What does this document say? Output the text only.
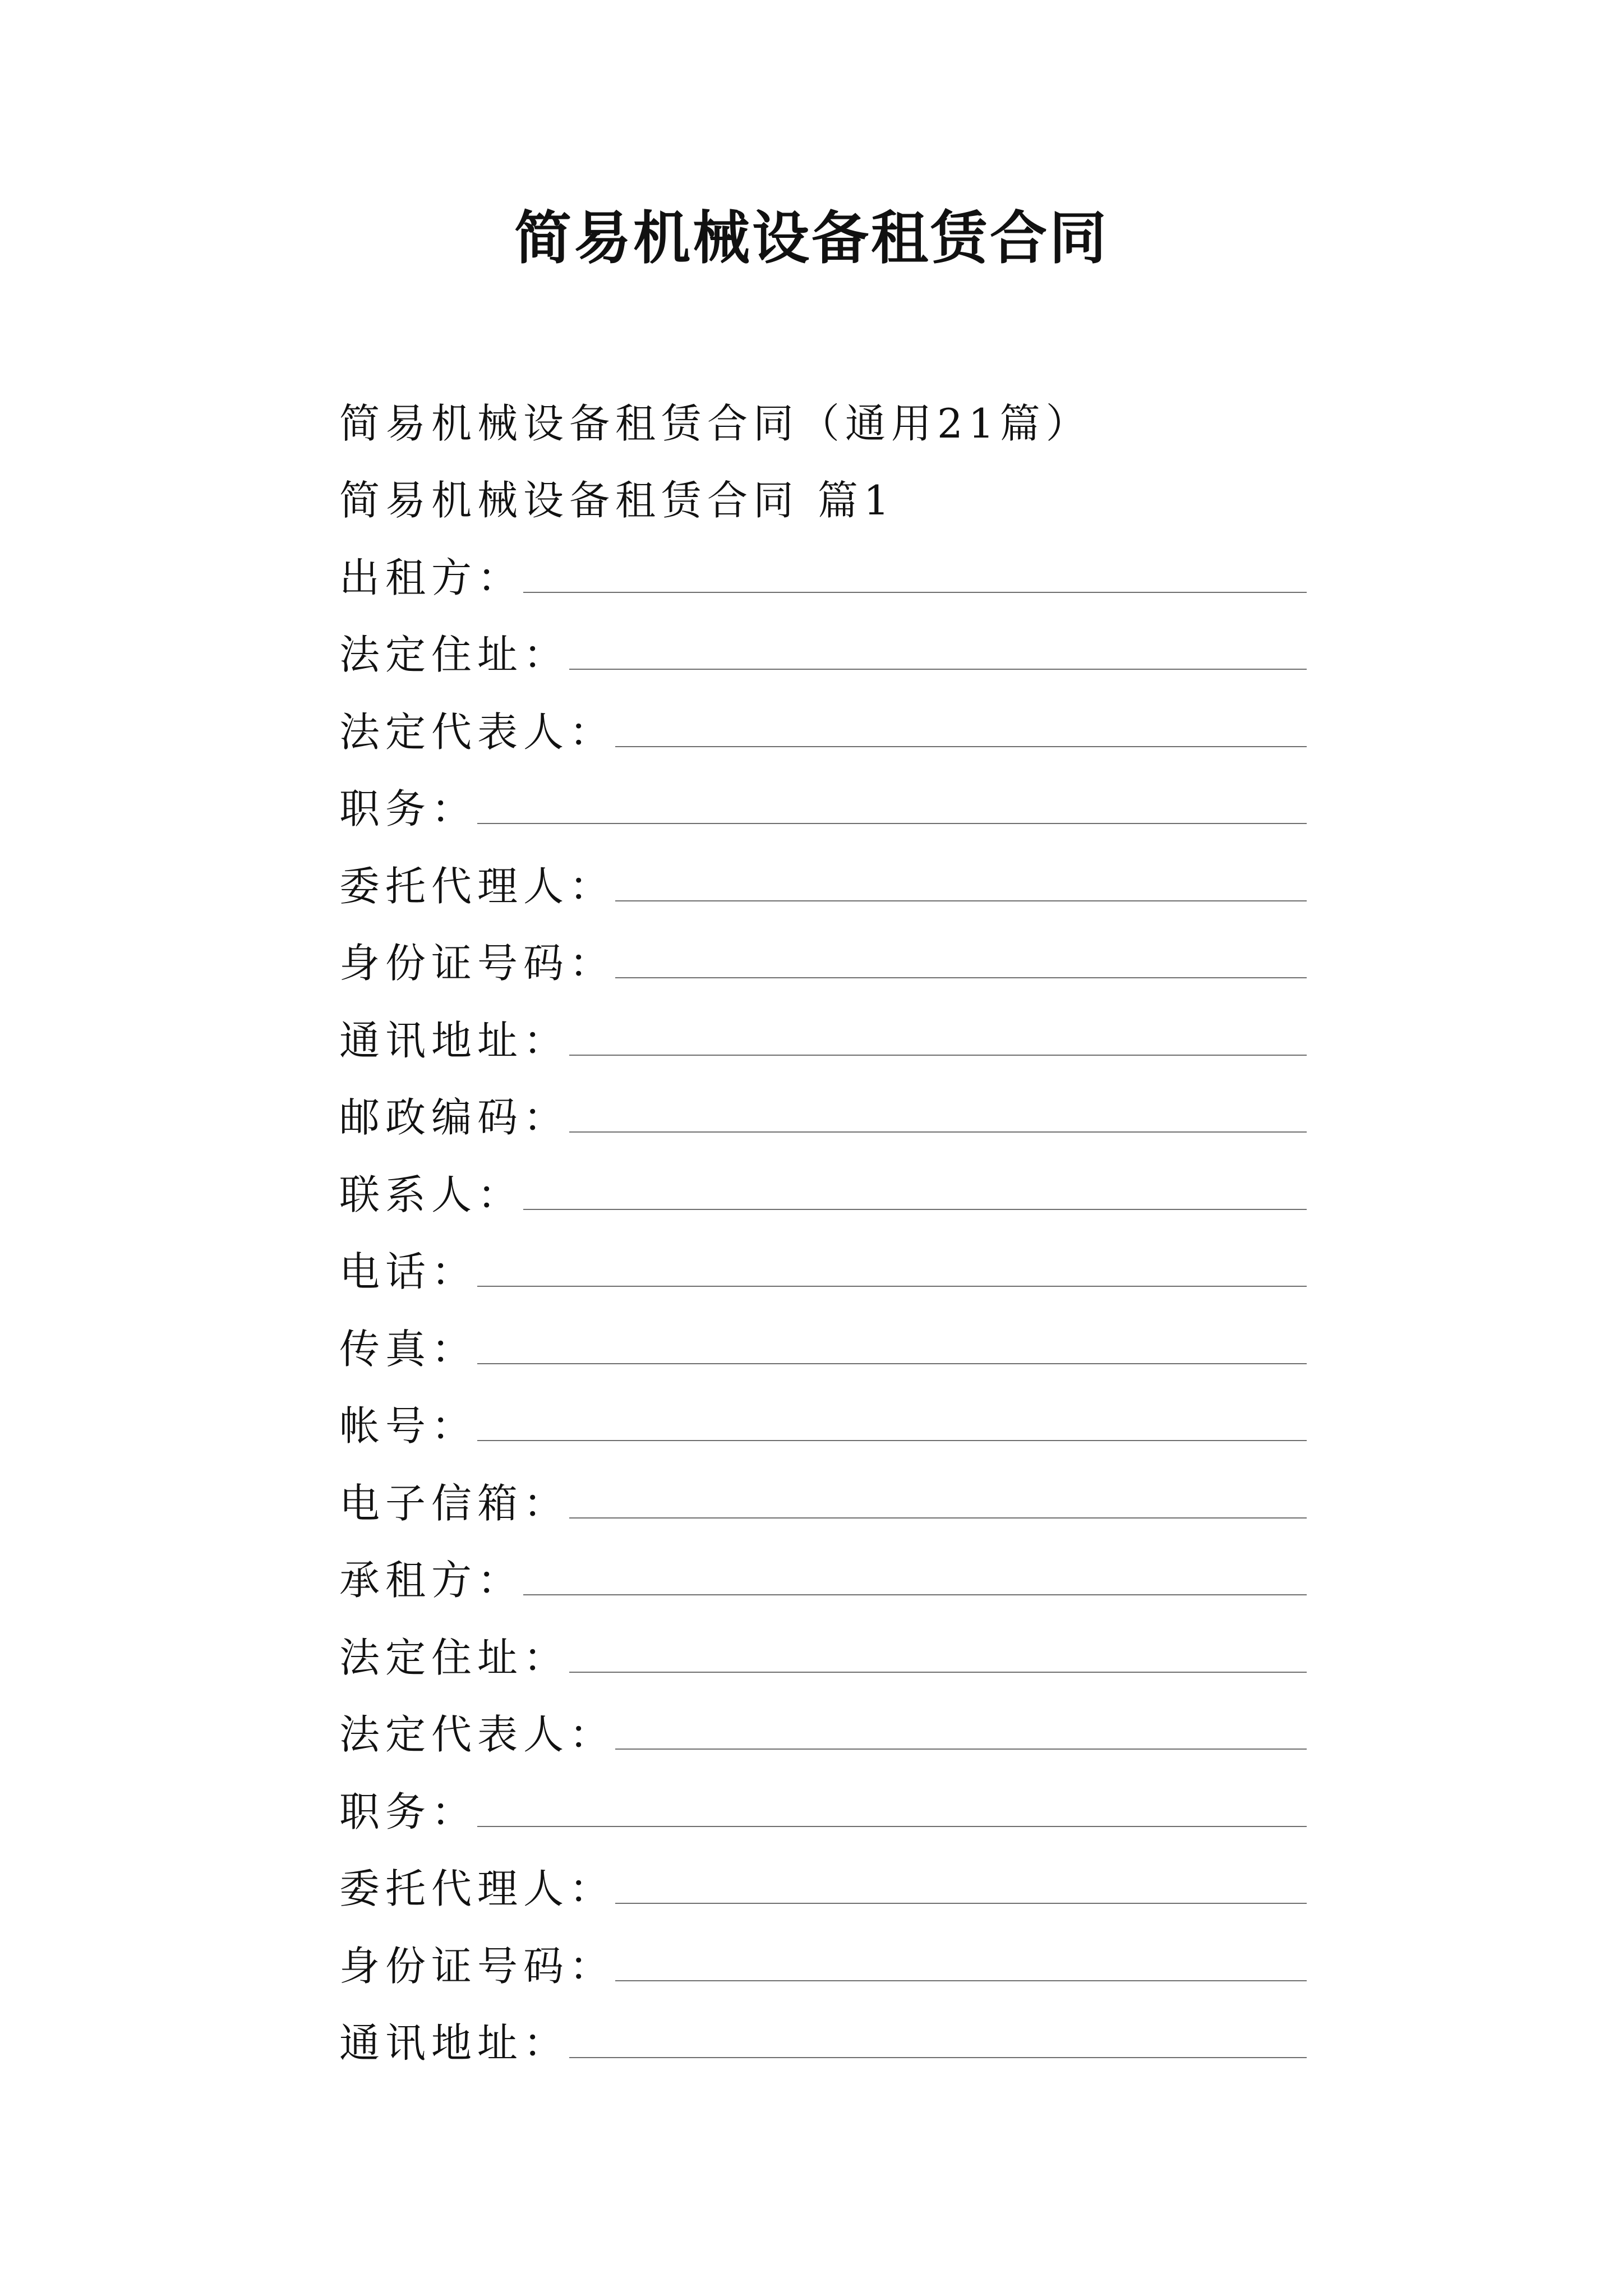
简易机械设备租赁合同
简易机械设备租赁合同（通用21篇）
简易机械设备租赁合同 篇1
出租方：
法定住址：
法定代表人：
职务：
委托代理人：
身份证号码：
通讯地址：
邮政编码：
联系人：
电话：
传真：
帐号：
电子信箱：
承租方：
法定住址：
法定代表人：
职务：
委托代理人：
身份证号码：
通讯地址：
